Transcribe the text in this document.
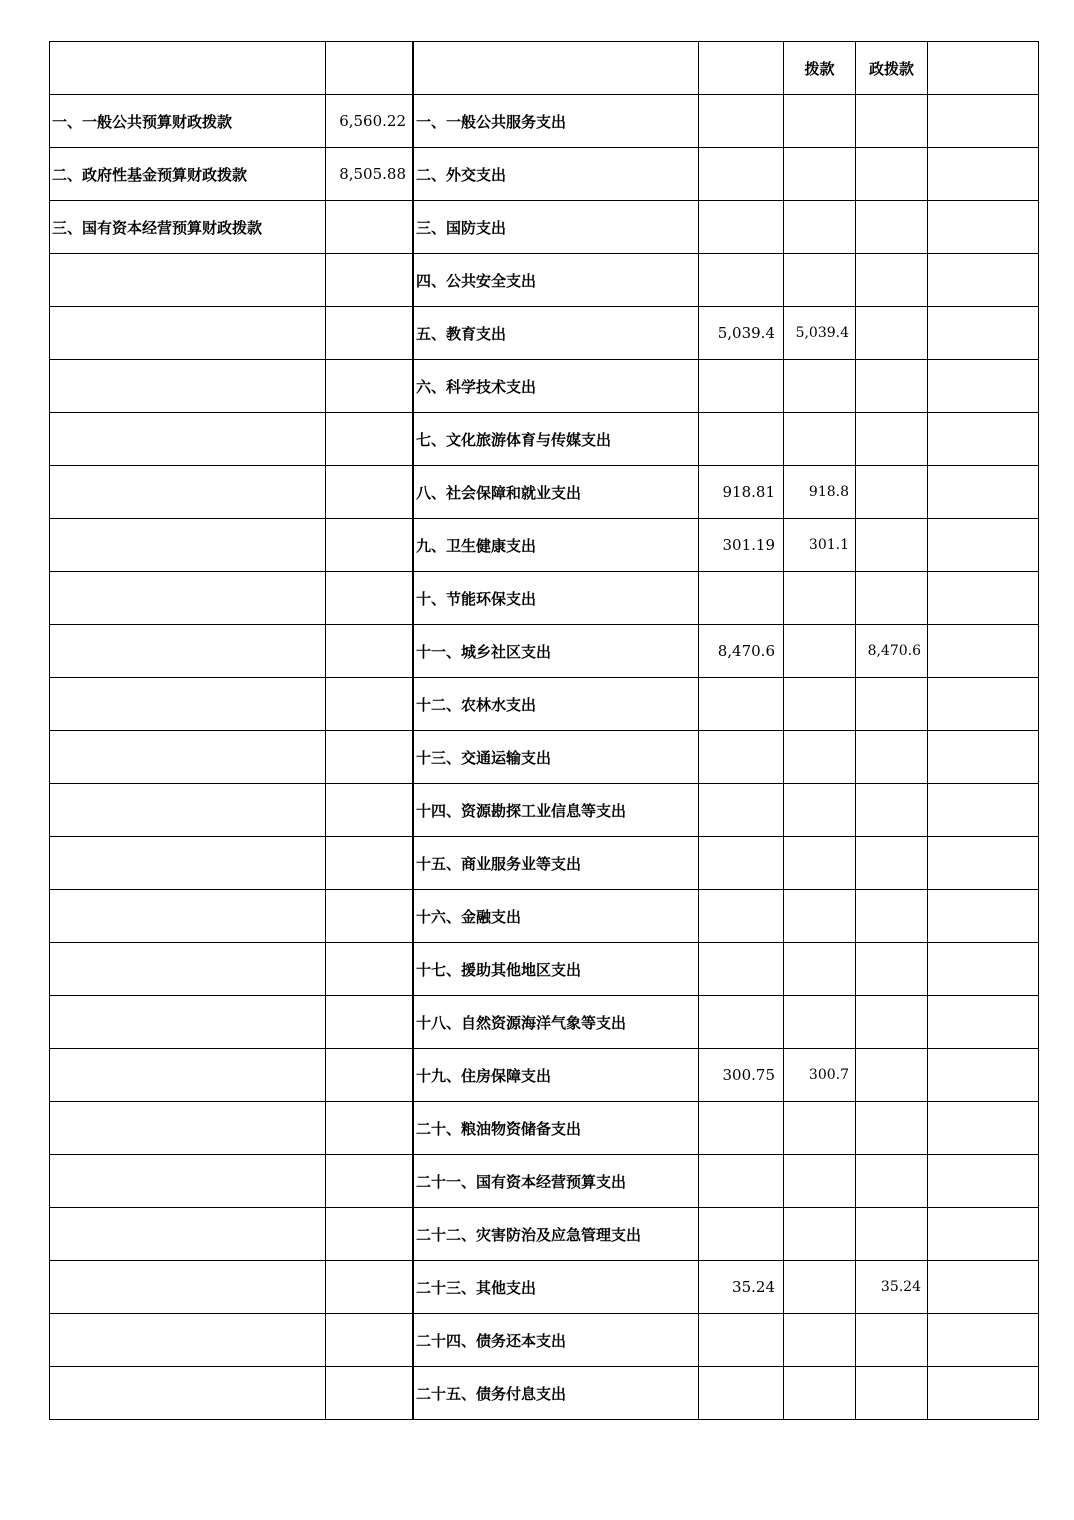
					拨款	政拨款	
一、一般公共预算财政拨款	6,560.22		一、一般公共服务支出				
二、政府性基金预算财政拨款	8,505.88		二、外交支出				
三、国有资本经营预算财政拨款			三、国防支出				
			四、公共安全支出				
			五、教育支出	5,039.4	5,039.4		
			六、科学技术支出				
			七、文化旅游体育与传媒支出				
			八、社会保障和就业支出	918.81	918.8		
			九、卫生健康支出	301.19	301.1		
			十、节能环保支出				
			十一、城乡社区支出	8,470.6		8,470.6	
			十二、农林水支出				
			十三、交通运输支出				
			十四、资源勘探工业信息等支出				
			十五、商业服务业等支出				
			十六、金融支出				
			十七、援助其他地区支出				
			十八、自然资源海洋气象等支出				
			十九、住房保障支出	300.75	300.7		
			二十、粮油物资储备支出				
			二十一、国有资本经营预算支出				
			二十二、灾害防治及应急管理支出				
			二十三、其他支出	35.24		35.24	
			二十四、债务还本支出				
			二十五、债务付息支出				
